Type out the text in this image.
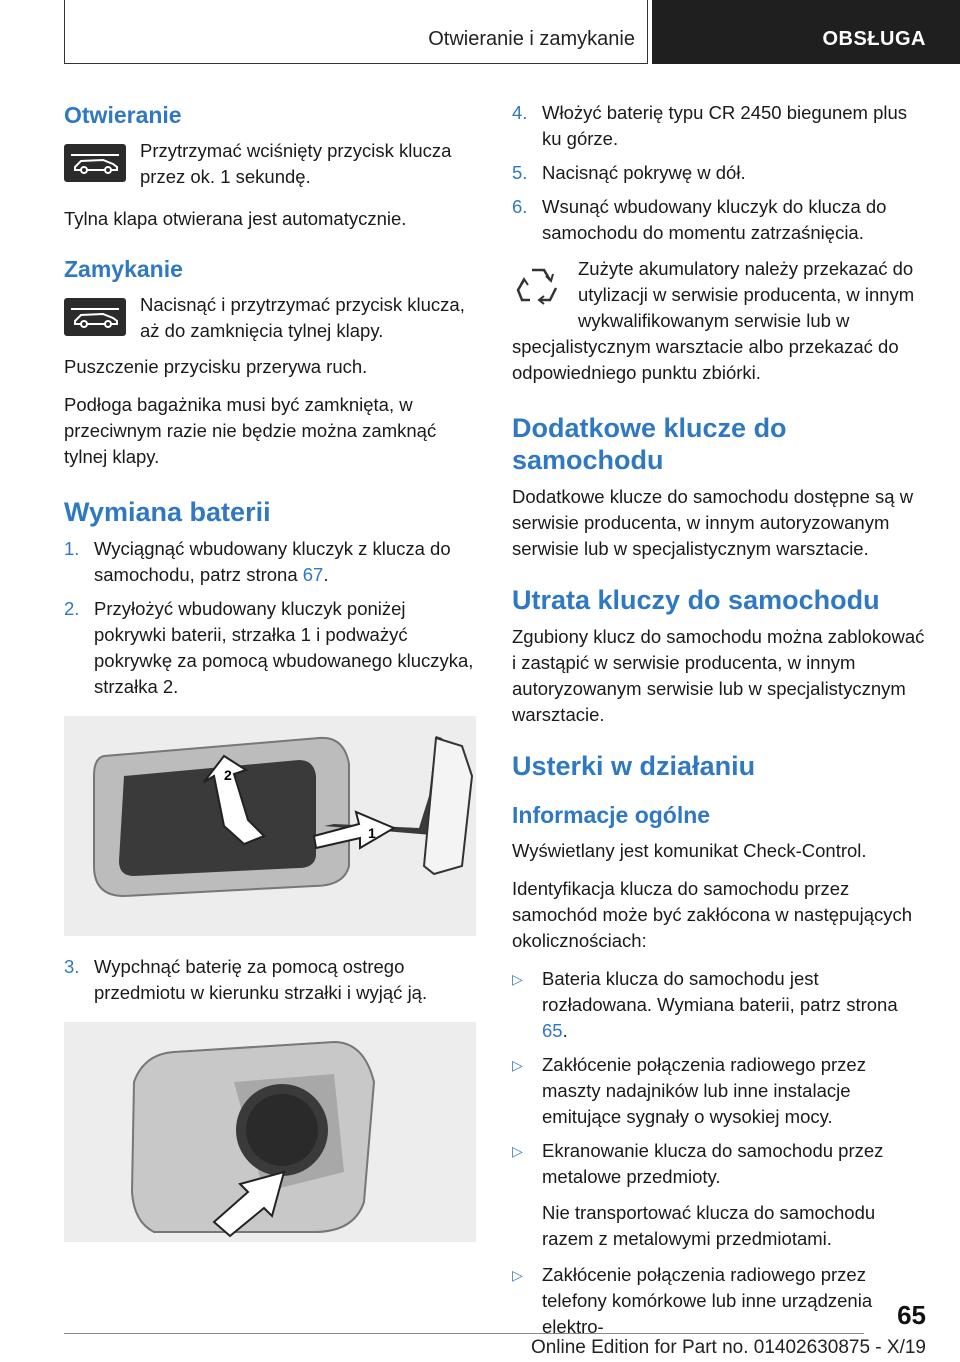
Otwieranie i zamykanie	OBSŁUGA
Otwieranie
Przytrzymać wciśnięty przycisk klucza przez ok. 1 sekundę.
Tylna klapa otwierana jest automatycznie.
Zamykanie
Nacisnąć i przytrzymać przycisk klucza, aż do zamknięcia tylnej klapy.
Puszczenie przycisku przerywa ruch.
Podłoga bagażnika musi być zamknięta, w przeciwnym razie nie będzie można zamknąć tylnej klapy.
Wymiana baterii
1. Wyciągnąć wbudowany kluczyk z klucza do samochodu, patrz strona 67.
2. Przyłożyć wbudowany kluczyk poniżej pokrywki baterii, strzałka 1 i podważyć pokrywkę za pomocą wbudowanego kluczyka, strzałka 2.
1
2
3. Wypchnąć baterię za pomocą ostrego przedmiotu w kierunku strzałki i wyjąć ją.
4. Włożyć baterię typu CR 2450 biegunem plus ku górze.
5. Nacisnąć pokrywę w dół.
6. Wsunąć wbudowany kluczyk do klucza do samochodu do momentu zatrzaśnięcia.
Zużyte akumulatory należy przekazać do utylizacji w serwisie producenta, w innym wykwalifikowanym serwisie lub w specjalistycznym warsztacie albo przekazać do odpowiedniego punktu zbiórki.
Dodatkowe klucze do samochodu
Dodatkowe klucze do samochodu dostępne są w serwisie producenta, w innym autoryzowanym serwisie lub w specjalistycznym warsztacie.
Utrata kluczy do samochodu
Zgubiony klucz do samochodu można zablokować i zastąpić w serwisie producenta, w innym autoryzowanym serwisie lub w specjalistycznym warsztacie.
Usterki w działaniu
Informacje ogólne
Wyświetlany jest komunikat Check-Control.
Identyfikacja klucza do samochodu przez samochód może być zakłócona w następujących okolicznościach:
▷	Bateria klucza do samochodu jest rozładowana. Wymiana baterii, patrz strona 65.
▷	Zakłócenie połączenia radiowego przez maszty nadajników lub inne instalacje emitujące sygnały o wysokiej mocy.
▷	Ekranowanie klucza do samochodu przez metalowe przedmioty.
Nie transportować klucza do samochodu razem z metalowymi przedmiotami.
▷	Zakłócenie połączenia radiowego przez telefony komórkowe lub inne urządzenia elektro-	65
Online Edition for Part no. 01402630875 - X/19
